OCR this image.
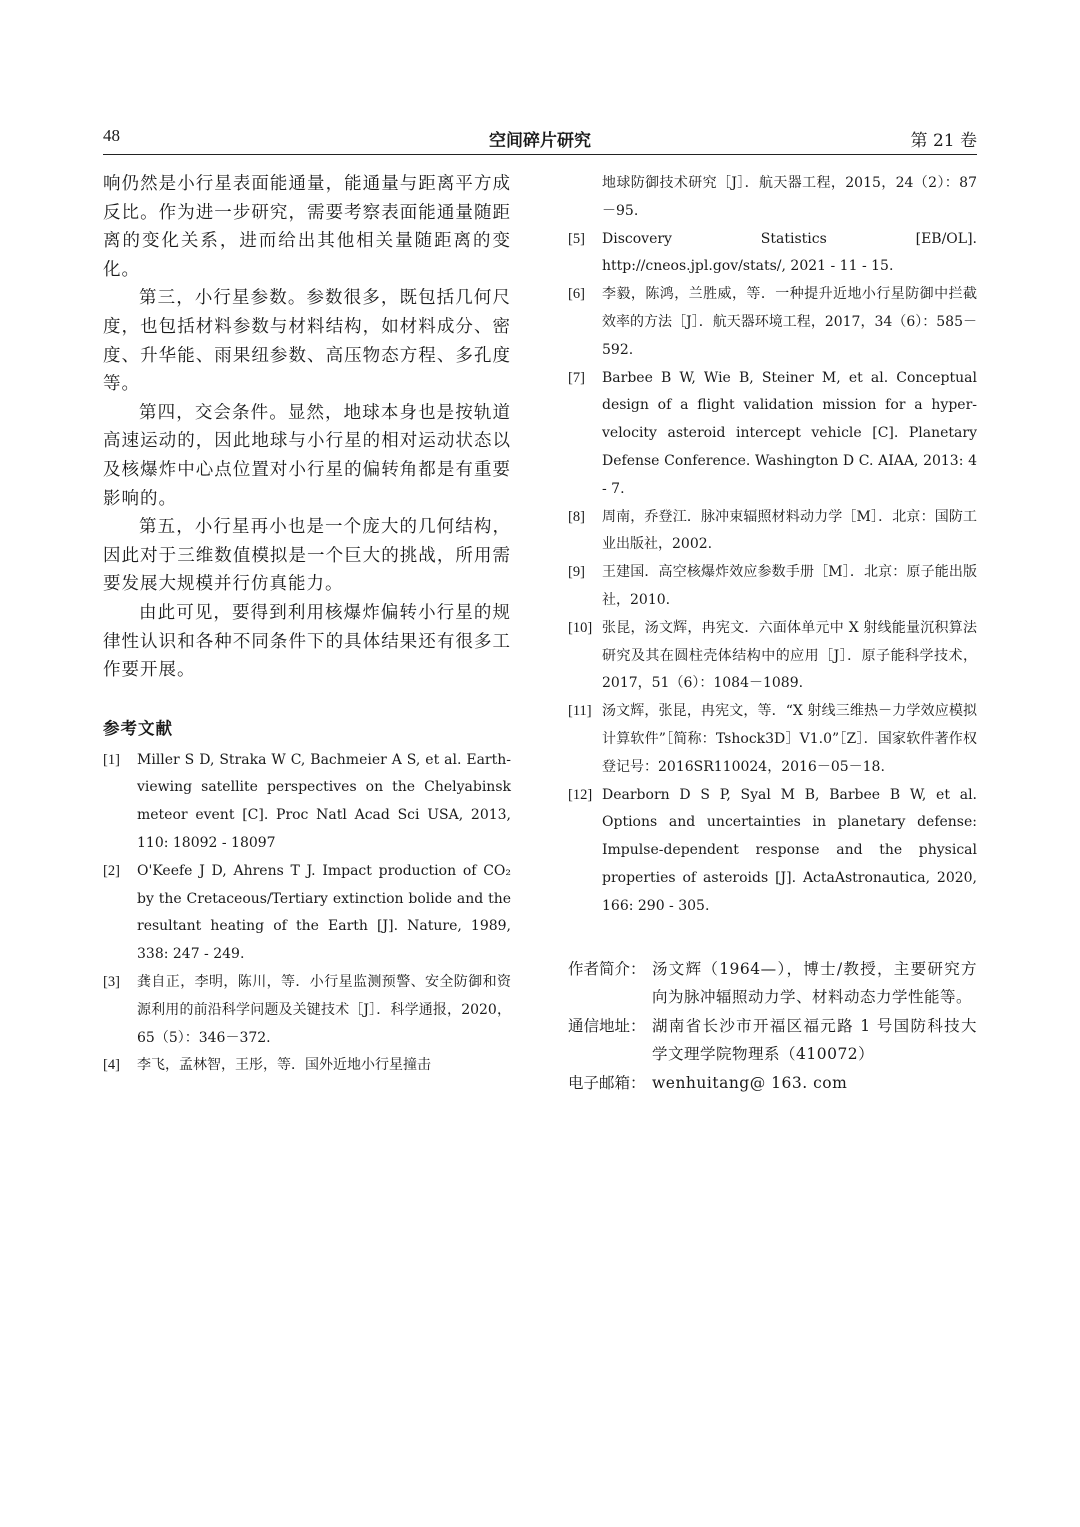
48	空间碎片研究	第 21 卷

响仍然是小行星表面能通量，能通量与距离平方成反比。作为进一步研究，需要考察表面能通量随距离的变化关系，进而给出其他相关量随距离的变化。

第三，小行星参数。参数很多，既包括几何尺度，也包括材料参数与材料结构，如材料成分、密度、升华能、雨果纽参数、高压物态方程、多孔度等。

第四，交会条件。显然，地球本身也是按轨道高速运动的，因此地球与小行星的相对运动状态以及核爆炸中心点位置对小行星的偏转角都是有重要影响的。

第五，小行星再小也是一个庞大的几何结构，因此对于三维数值模拟是一个巨大的挑战，所用需要发展大规模并行仿真能力。

由此可见，要得到利用核爆炸偏转小行星的规律性认识和各种不同条件下的具体结果还有很多工作要开展。

参考文献
[1]	Miller S D, Straka W C, Bachmeier A S, et al. Earth-viewing satellite perspectives on the Chelyabinsk meteor event [C]. Proc Natl Acad Sci USA, 2013, 110: 18092 - 18097
[2]	O'Keefe J D, Ahrens T J. Impact production of CO₂ by the Cretaceous/Tertiary extinction bolide and the resultant heating of the Earth [J]. Nature, 1989, 338: 247 - 249.
[3]	龚自正，李明，陈川，等．小行星监测预警、安全防御和资源利用的前沿科学问题及关键技术［J］．科学通报，2020，65（5）：346－372.
[4]	李飞，孟林智，王彤，等．国外近地小行星撞击
地球防御技术研究［J］．航天器工程，2015，24（2）：87－95.
[5]	Discovery Statistics [EB/OL]. http://cneos.jpl.gov/stats/, 2021 - 11 - 15.
[6]	李毅，陈鸿，兰胜威，等．一种提升近地小行星防御中拦截效率的方法［J］．航天器环境工程，2017，34（6）：585－592.
[7]	Barbee B W, Wie B, Steiner M, et al. Conceptual design of a flight validation mission for a hyper-velocity asteroid intercept vehicle [C]. Planetary Defense Conference. Washington D C. AIAA, 2013: 4 - 7.
[8]	周南，乔登江．脉冲束辐照材料动力学［M］．北京：国防工业出版社，2002.
[9]	王建国．高空核爆炸效应参数手册［M］．北京：原子能出版社，2010.
[10] 张昆，汤文辉，冉宪文．六面体单元中 X 射线能量沉积算法研究及其在圆柱壳体结构中的应用［J］．原子能科学技术，2017，51（6）：1084－1089.
[11] 汤文辉，张昆，冉宪文，等．“X 射线三维热－力学效应模拟计算软件”［简称：Tshock3D］V1.0”［Z］．国家软件著作权登记号：2016SR110024，2016－05－18.
[12] Dearborn D S P, Syal M B, Barbee B W, et al. Options and uncertainties in planetary defense: Impulse-dependent response and the physical properties of asteroids [J]. ActaAstronautica, 2020, 166: 290 - 305.
作者简介： 汤文辉（1964—），博士/教授，主要研究方向为脉冲辐照动力学、材料动态力学性能等。
通信地址： 湖南省长沙市开福区福元路 1 号国防科技大学文理学院物理系（410072）
电子邮箱： wenhuitang@ 163. com
